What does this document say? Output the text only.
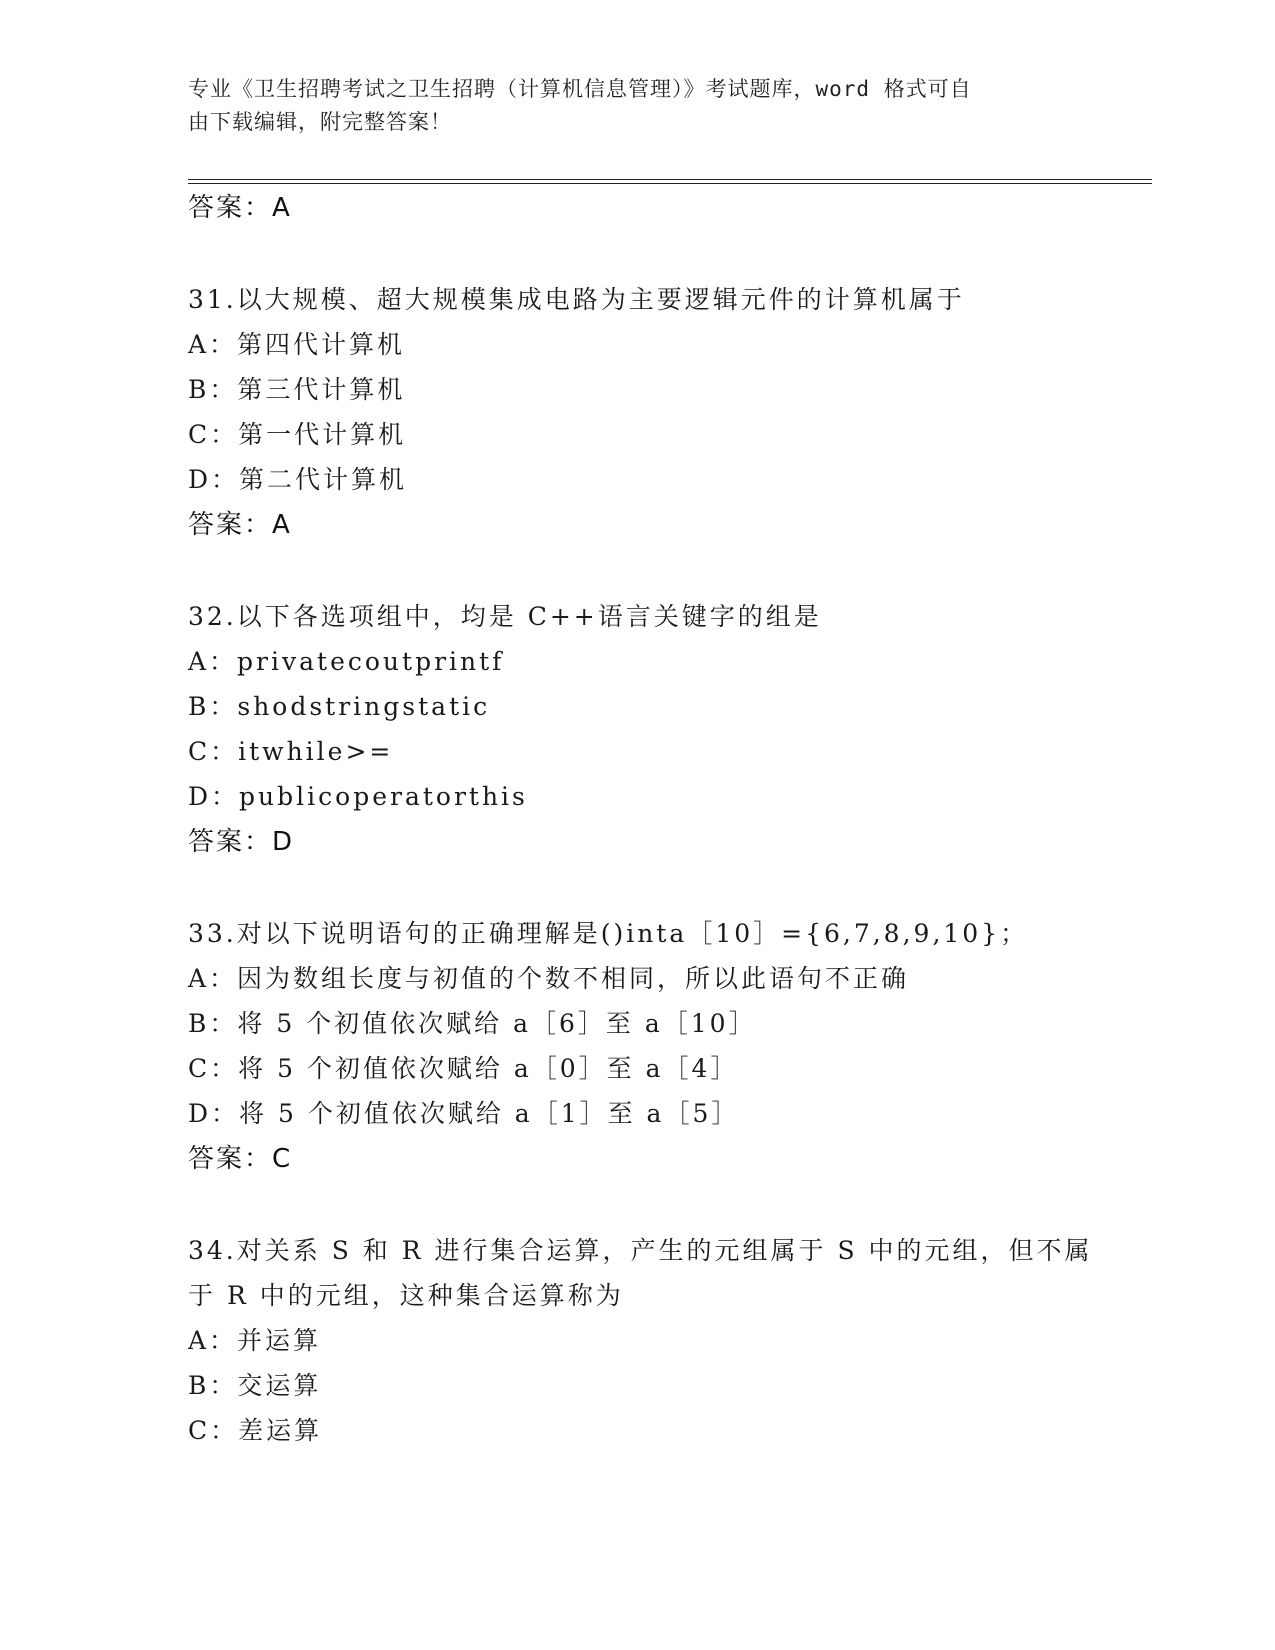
专业《卫生招聘考试之卫生招聘（计算机信息管理）》考试题库，word 格式可自
由下载编辑，附完整答案！
答案：A
31.以大规模、超大规模集成电路为主要逻辑元件的计算机属于
A：第四代计算机
B：第三代计算机
C：第一代计算机
D：第二代计算机
答案：A
32.以下各选项组中，均是 C++语言关键字的组是
A：privatecoutprintf
B：shodstringstatic
C：itwhile>=
D：publicoperatorthis
答案：D
33.对以下说明语句的正确理解是()inta［10］={6,7,8,9,10}；
A：因为数组长度与初值的个数不相同，所以此语句不正确
B：将 5 个初值依次赋给 a［6］至 a［10］
C：将 5 个初值依次赋给 a［0］至 a［4］
D：将 5 个初值依次赋给 a［1］至 a［5］
答案：C
34.对关系 S 和 R 进行集合运算，产生的元组属于 S 中的元组，但不属
于 R 中的元组，这种集合运算称为
A：并运算
B：交运算
C：差运算
